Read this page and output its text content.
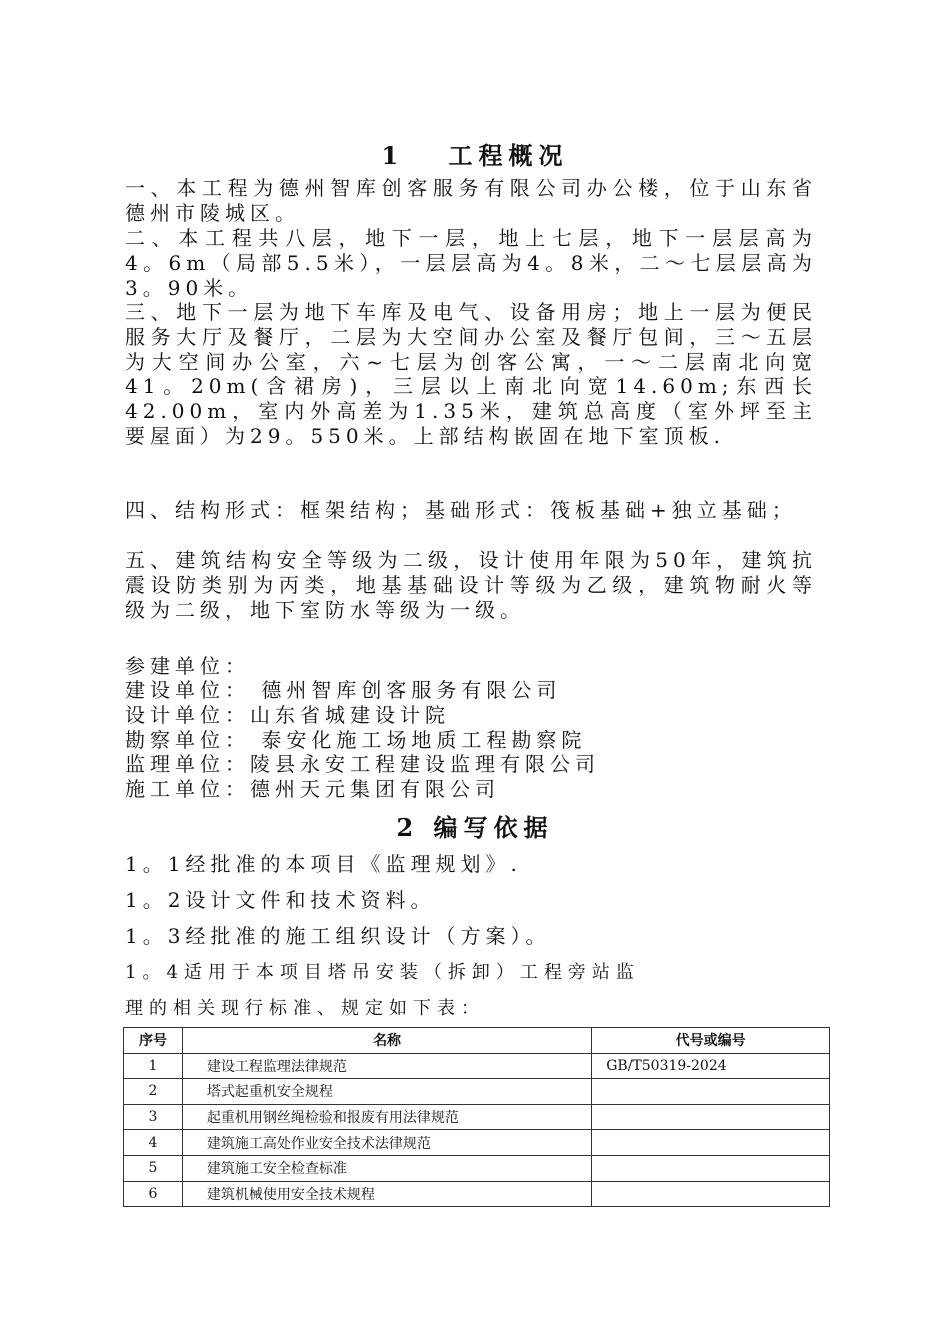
1　 工程概况
一、本工程为德州智库创客服务有限公司办公楼，位于山东省德州市陵城区。
二、本工程共八层，地下一层，地上七层，地下一层层高为4。6m（局部5.5米），一层层高为4。8米，二～七层层高为3。90米。
三、地下一层为地下车库及电气、设备用房；地上一层为便民服务大厅及餐厅，二层为大空间办公室及餐厅包间，三～五层为大空间办公室，六~七层为创客公寓，一～二层南北向宽41。20m(含裙房)，三层以上南北向宽14.60m;东西长42.00m，室内外高差为1.35米，建筑总高度（室外坪至主要屋面）为29。550米。上部结构嵌固在地下室顶板.
四、结构形式：框架结构；基础形式：筏板基础+独立基础；
五、建筑结构安全等级为二级，设计使用年限为50年，建筑抗震设防类别为丙类，地基基础设计等级为乙级，建筑物耐火等级为二级，地下室防水等级为一级。
参建单位：
建设单位： 德州智库创客服务有限公司
设计单位：山东省城建设计院
勘察单位： 泰安化施工场地质工程勘察院
监理单位：陵县永安工程建设监理有限公司
施工单位：德州天元集团有限公司
2 编写依据
1。1经批准的本项目《监理规划》.
1。2设计文件和技术资料。
1。3经批准的施工组织设计（方案）。
1。4适用于本项目塔吊安装（拆卸）工程旁站监
理的相关现行标准、规定如下表：
序号	名称	代号或编号
1	建设工程监理法律规范	GB/T50319-2024
2	塔式起重机安全规程	
3	起重机用钢丝绳检验和报废有用法律规范	
4	建筑施工高处作业安全技术法律规范	
5	建筑施工安全检查标准	
6	建筑机械使用安全技术规程	
